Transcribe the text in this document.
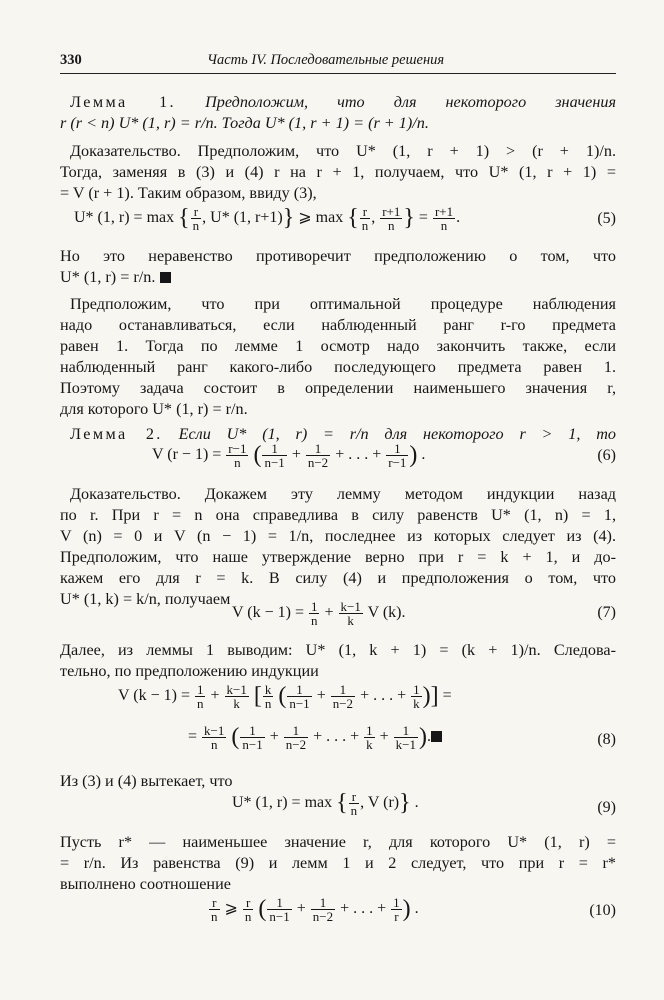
330	Часть IV. Последовательные решения
Лемма 1. Предположим, что для некоторого значения
r (r < n) U* (1, r) = r/n. Тогда U* (1, r + 1) = (r + 1)/n.
Доказательство. Предположим, что U* (1, r + 1) > (r + 1)/n.
Тогда, заменяя в (3) и (4) r на r + 1, получаем, что U* (1, r + 1) =
= V (r + 1). Таким образом, ввиду (3),
U* (1, r) = max { $\frac{r}{n}$ , U* (1, r+1)} ⩾ max { $\frac{r}{n}$ , $\frac{r+1}{n}$ } = $\frac{r+1}{n}$ .	(5)
Но это неравенство противоречит предположению о том, что
U* (1, r) = r/n.
Предположим, что при оптимальной процедуре наблюдения
надо останавливаться, если наблюденный ранг r-го предмета
равен 1. Тогда по лемме 1 осмотр надо закончить также, если
наблюденный ранг какого-либо последующего предмета равен 1.
Поэтому задача состоит в определении наименьшего значения r,
для которого U* (1, r) = r/n.
Лемма 2. Если U* (1, r) = r/n для некоторого r > 1, то
V $(r - 1) = \frac{r-1}{n}$ ( $\frac{1}{n-1} + \frac{1}{n-2}$ + . . . + $\frac{1}{r-1}$ ) .	(6)
Доказательство. Докажем эту лемму методом индукции назад
по r. При r = n она справедлива в силу равенств U* (1, n) = 1,
V (n) = 0 и V (n − 1) = 1/n, последнее из которых следует из (4).
Предположим, что наше утверждение верно при r = k + 1, и до-
кажем его для r = k. В силу (4) и предположения о том, что
U* (1, k) = k/n, получаем
V $(k - 1) = \frac{1}{n} + \frac{k-1}{k}$ V (k).	(7)
Далее, из леммы 1 выводим: U* (1, k + 1) = (k + 1)/n. Следова-
тельно, по предположению индукции
V $(k - 1) = \frac{1}{n} + \frac{k-1}{k}$ [ $\frac{k}{n}$ ( $\frac{1}{n-1} + \frac{1}{n-2}$ + . . . + $\frac{1}{k}$ )] =
= $\frac{k-1}{n}$ ( $\frac{1}{n-1} + \frac{1}{n-2}$ + . . . + $\frac{1}{k} + \frac{1}{k-1}$ ).	(8)
Из (3) и (4) вытекает, что
U* (1, r) = max { $\frac{r}{n}$ , V (r)} .	(9)
Пусть r* — наименьшее значение r, для которого U* (1, r) =
= r/n. Из равенства (9) и лемм 1 и 2 следует, что при r = r*
выполнено соотношение
$\frac{r}{n}$ ⩾ $\frac{r}{n}$ ( $\frac{1}{n-1} + \frac{1}{n-2}$ + . . . + $\frac{1}{r}$ ) .	(10)
